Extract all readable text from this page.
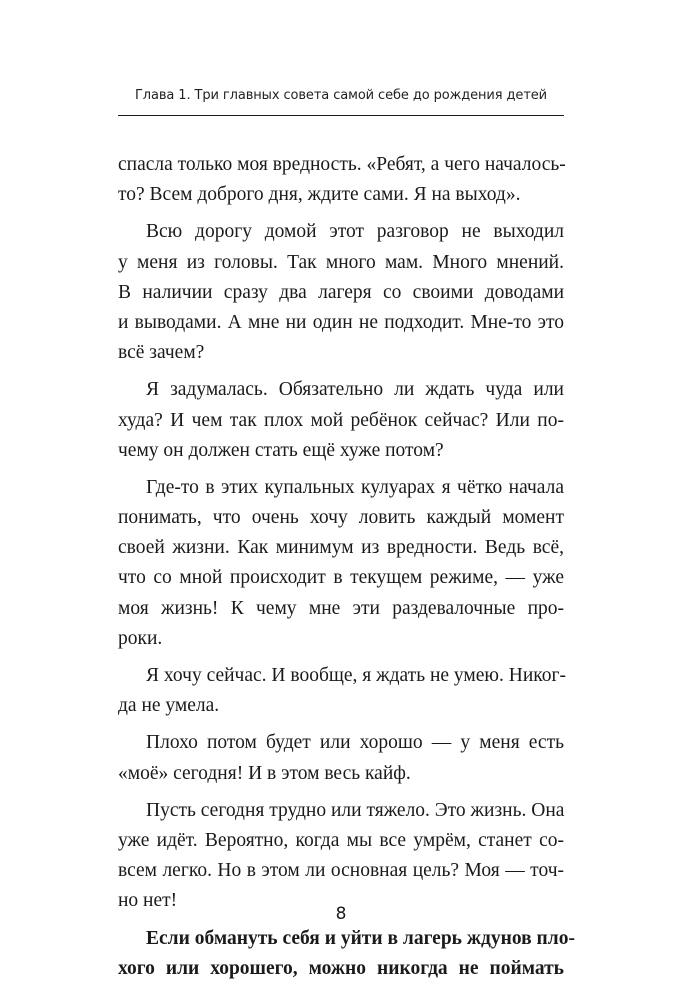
Глава 1. Три главных совета самой себе до рождения детей
спасла только моя вредность. «Ребят, а чего началось-
то? Всем доброго дня, ждите сами. Я на выход».
Всю дорогу домой этот разговор не выходил
у меня из головы. Так много мам. Много мнений.
В наличии сразу два лагеря со своими доводами
и выводами. А мне ни один не подходит. Мне-то это
всё зачем?
Я задумалась. Обязательно ли ждать чуда или
худа? И чем так плох мой ребёнок сейчас? Или по-
чему он должен стать ещё хуже потом?
Где-то в этих купальных кулуарах я чётко начала
понимать, что очень хочу ловить каждый момент
своей жизни. Как минимум из вредности. Ведь всё,
что со мной происходит в текущем режиме, — уже
моя жизнь! К чему мне эти раздевалочные про-
роки.
Я хочу сейчас. И вообще, я ждать не умею. Никог-
да не умела.
Плохо потом будет или хорошо — у меня есть
«моё» сегодня! И в этом весь кайф.
Пусть сегодня трудно или тяжело. Это жизнь. Она
уже идёт. Вероятно, когда мы все умрём, станет со-
всем легко. Но в этом ли основная цель? Моя — точ-
но нет!
Если обмануть себя и уйти в лагерь ждунов пло-
хого или хорошего, можно никогда не поймать
8
